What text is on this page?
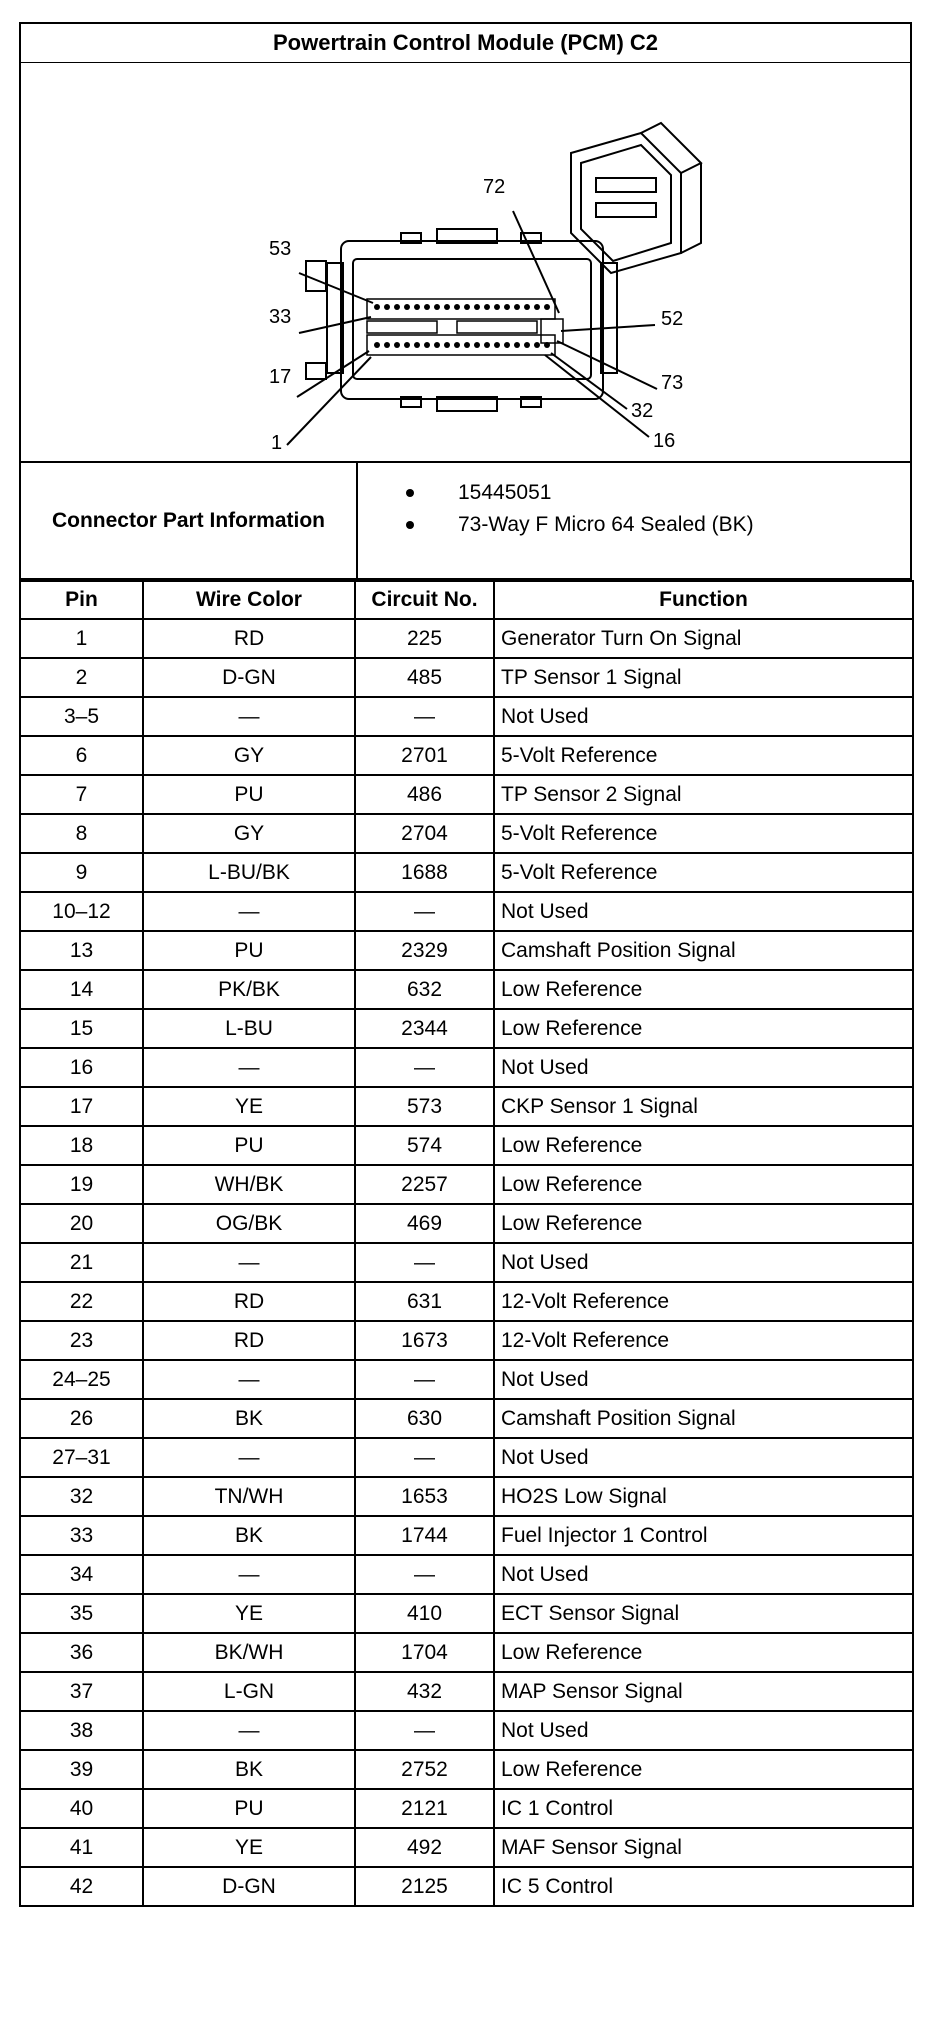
Powertrain Control Module (PCM) C2
72
53
33
17
1
52
73
32
16
Connector Part Information
15445051
73-Way F Micro 64 Sealed (BK)
Pin	Wire Color	Circuit No.	Function
1	RD	225	Generator Turn On Signal
2	D-GN	485	TP Sensor 1 Signal
3–5	—	—	Not Used
6	GY	2701	5-Volt Reference
7	PU	486	TP Sensor 2 Signal
8	GY	2704	5-Volt Reference
9	L-BU/BK	1688	5-Volt Reference
10–12	—	—	Not Used
13	PU	2329	Camshaft Position Signal
14	PK/BK	632	Low Reference
15	L-BU	2344	Low Reference
16	—	—	Not Used
17	YE	573	CKP Sensor 1 Signal
18	PU	574	Low Reference
19	WH/BK	2257	Low Reference
20	OG/BK	469	Low Reference
21	—	—	Not Used
22	RD	631	12-Volt Reference
23	RD	1673	12-Volt Reference
24–25	—	—	Not Used
26	BK	630	Camshaft Position Signal
27–31	—	—	Not Used
32	TN/WH	1653	HO2S Low Signal
33	BK	1744	Fuel Injector 1 Control
34	—	—	Not Used
35	YE	410	ECT Sensor Signal
36	BK/WH	1704	Low Reference
37	L-GN	432	MAP Sensor Signal
38	—	—	Not Used
39	BK	2752	Low Reference
40	PU	2121	IC 1 Control
41	YE	492	MAF Sensor Signal
42	D-GN	2125	IC 5 Control
